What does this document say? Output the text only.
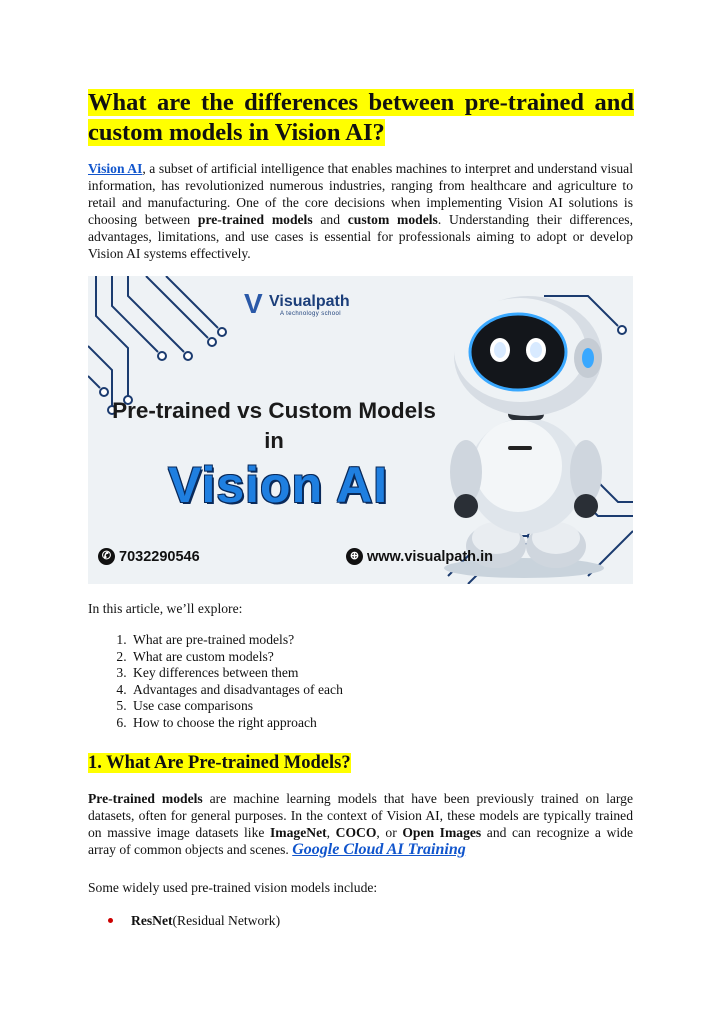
What are the differences between pre-trained and custom models in Vision AI?
Vision AI, a subset of artificial intelligence that enables machines to interpret and understand visual information, has revolutionized numerous industries, ranging from healthcare and agriculture to retail and manufacturing. One of the core decisions when implementing Vision AI solutions is choosing between pre-trained models and custom models. Understanding their differences, advantages, limitations, and use cases is essential for professionals aiming to adopt or develop Vision AI systems effectively.
V Visualpath
A technology school
Pre-trained vs Custom Models
in
Vision AI
✆ 7032290546	⊕ www.visualpath.in
In this article, we’ll explore:
1. What are pre-trained models?
2. What are custom models?
3. Key differences between them
4. Advantages and disadvantages of each
5. Use case comparisons
6. How to choose the right approach
1. What Are Pre-trained Models?
Pre-trained models are machine learning models that have been previously trained on large datasets, often for general purposes. In the context of Vision AI, these models are typically trained on massive image datasets like ImageNet, COCO, or Open Images and can recognize a wide array of common objects and scenes. Google Cloud AI Training
Some widely used pre-trained vision models include:
ResNet (Residual Network)
